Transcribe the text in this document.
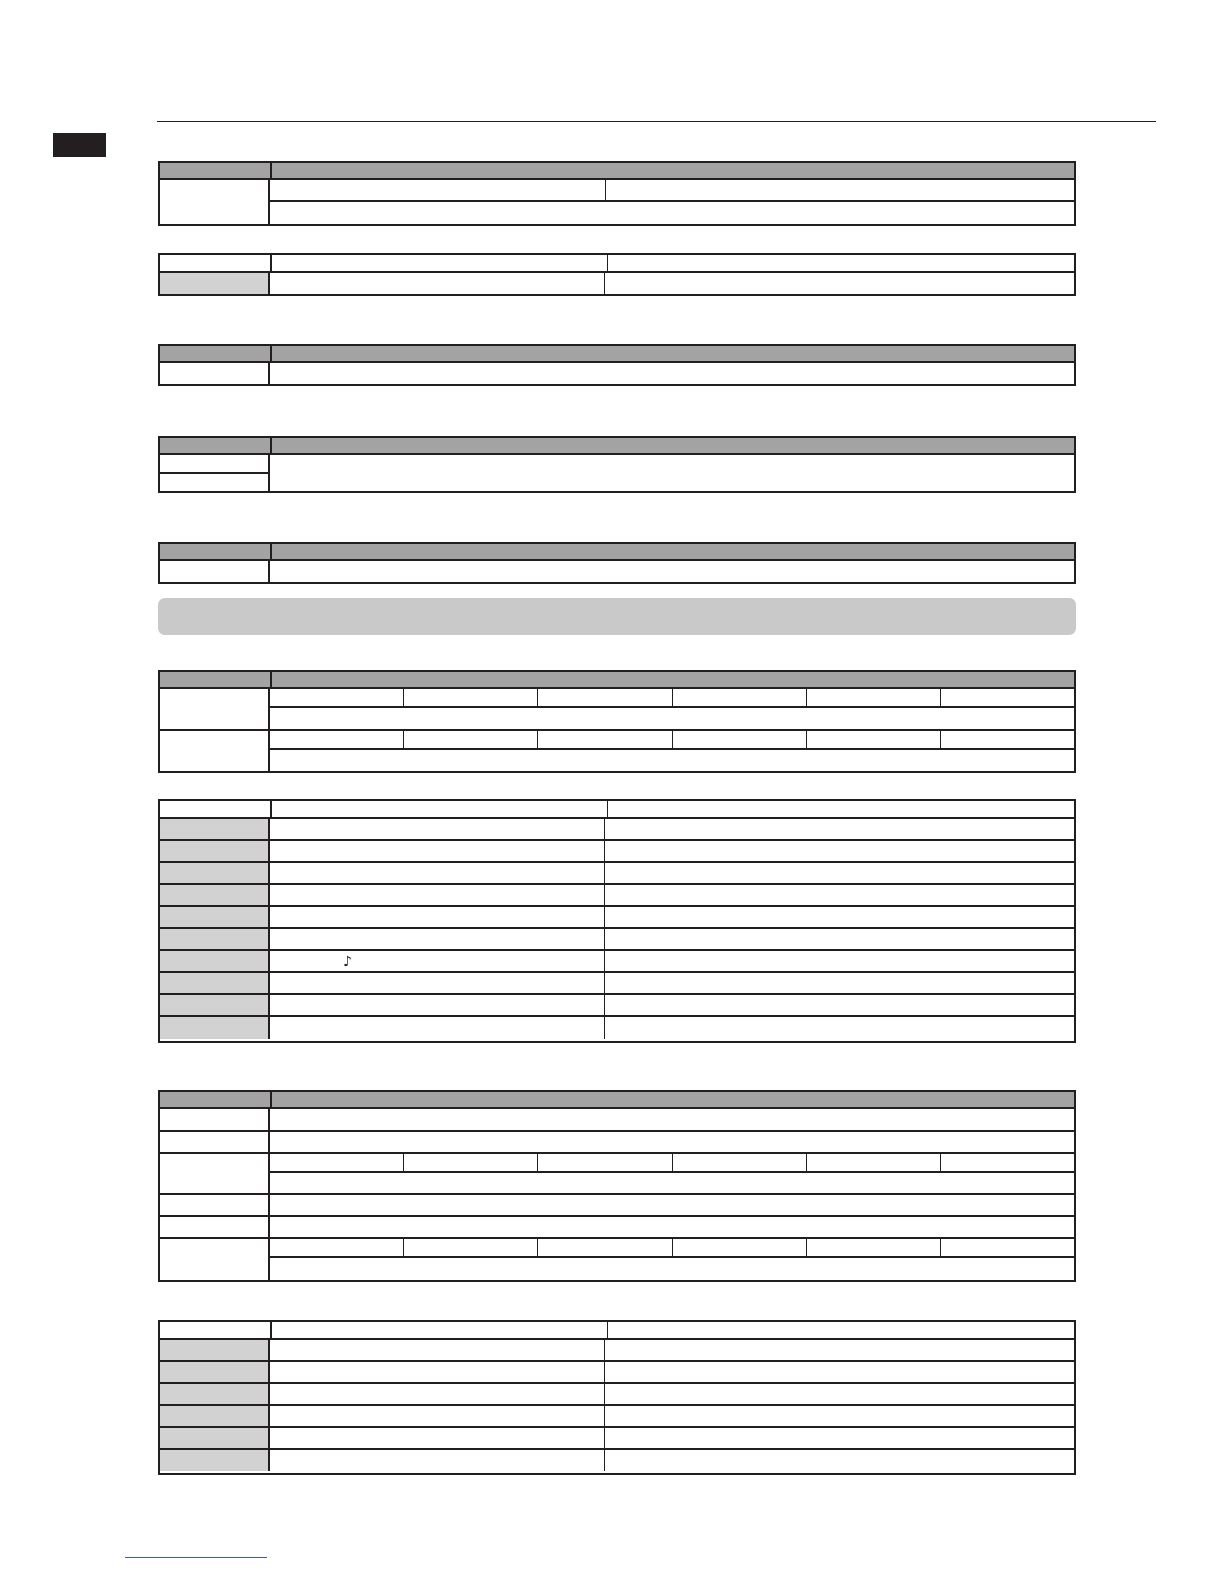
♪
